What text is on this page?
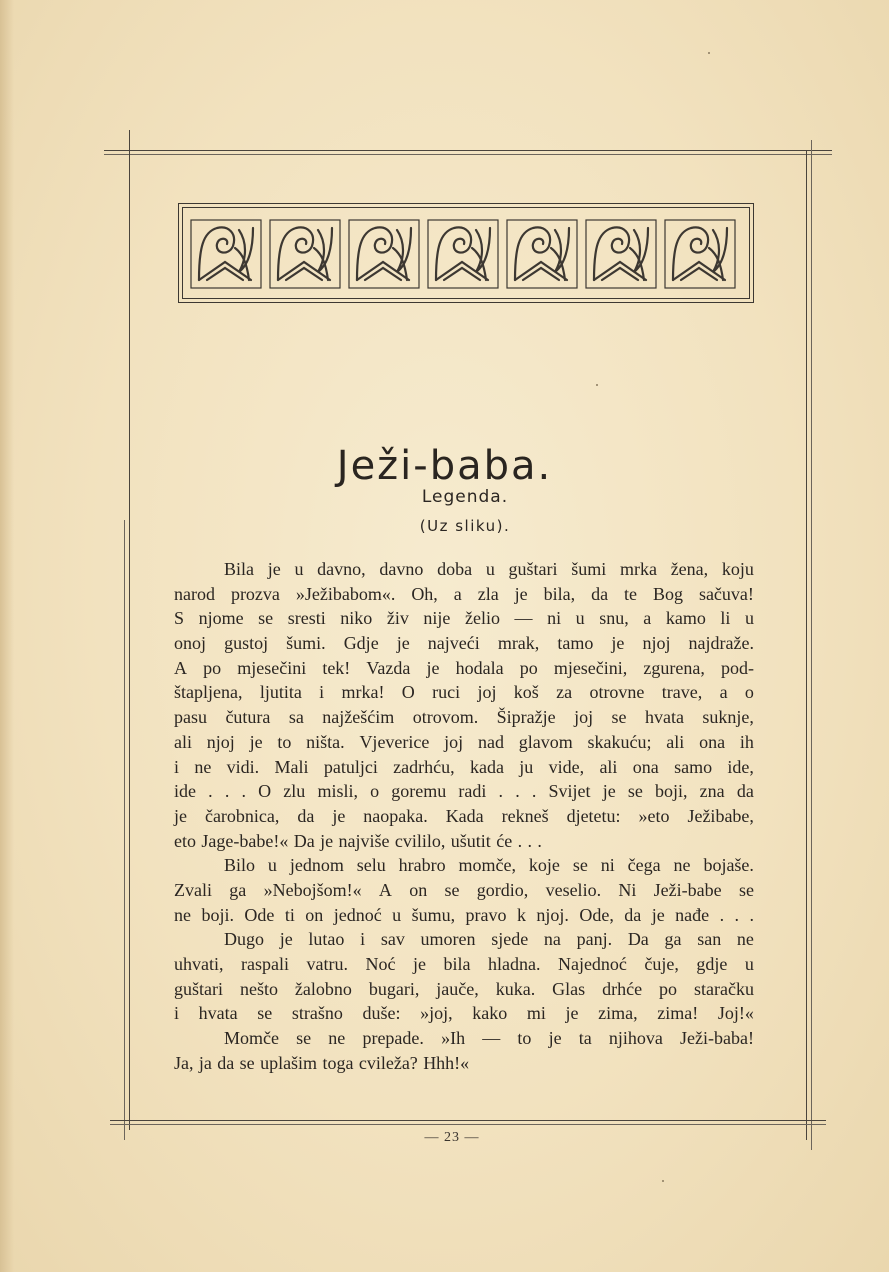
Ježi-baba.
Legenda.
(Uz sliku).
Bila je u davno, davno doba u guštari šumi mrka žena, koju
narod prozva »Ježibabom«. Oh, a zla je bila, da te Bog sačuva!
S njome se sresti niko živ nije želio — ni u snu, a kamo li u
onoj gustoj šumi. Gdje je najveći mrak, tamo je njoj najdraže.
A po mjesečini tek! Vazda je hodala po mjesečini, zgurena, pod-
štapljena, ljutita i mrka! O ruci joj koš za otrovne trave, a o
pasu čutura sa najžešćim otrovom. Šipražje joj se hvata suknje,
ali njoj je to ništa. Vjeverice joj nad glavom skakuću; ali ona ih
i ne vidi. Mali patuljci zadrhću, kada ju vide, ali ona samo ide,
ide . . . O zlu misli, o goremu radi . . . Svijet je se boji, zna da
je čarobnica, da je naopaka. Kada rekneš djetetu: »eto Ježibabe,
eto Jage-babe!« Da je najviše cvililo, ušutit će . . .
Bilo u jednom selu hrabro momče, koje se ni čega ne bojaše.
Zvali ga »Nebojšom!« A on se gordio, veselio. Ni Ježi-babe se
ne boji. Ode ti on jednoć u šumu, pravo k njoj. Ode, da je nađe . . .
Dugo je lutao i sav umoren sjede na panj. Da ga san ne
uhvati, raspali vatru. Noć je bila hladna. Najednoć čuje, gdje u
guštari nešto žalobno bugari, jauče, kuka. Glas drhće po staračku
i hvata se strašno duše: »joj, kako mi je zima, zima! Joj!«
Momče se ne prepade. »Ih — to je ta njihova Ježi-baba!
Ja, ja da se uplašim toga cvileža? Hhh!«
— 23 —
